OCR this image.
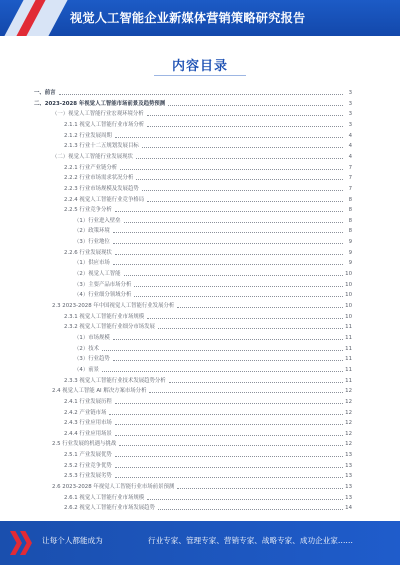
视觉人工智能企业新媒体营销策略研究报告
内容目录
一、前言	3
二、2023-2028 年视觉人工智能市场前景及趋势预测	3
（一）视觉人工智能行业宏观环境分析	3
2.1.1 视觉人工智能行业市场分析	3
2.1.2 行业发展周期	4
2.1.3 行业十二五规划发展目标	4
（二）视觉人工智能行业发展现状	4
2.2.1 行业产业链分析	7
2.2.2 行业市场需求状况分析	7
2.2.3 行业市场规模及发展趋势	7
2.2.4 视觉人工智能行业竞争格局	8
2.2.5 行业竞争分析	8
（1）行业进入壁垒	8
（2）政策环境	8
（3）行业地位	9
2.2.6 行业发展现状	9
（1）供应市场	9
（2）视觉人工智能	10
（3）主要产品市场分析	10
（4）行业细分领域分析	10
2.3 2023-2028 年中国视觉人工智能行业发展分析	10
2.3.1 视觉人工智能行业市场规模	10
2.3.2 视觉人工智能行业细分市场发展	11
（1）市场规模	11
（2）技术	11
（3）行业趋势	11
（4）前景	11
2.3.3 视觉人工智能行业技术发展趋势分析	11
2.4 视觉人工智能 AI 解决方案市场分析	12
2.4.1 行业发展历程	12
2.4.2 产业链市场	12
2.4.3 行业应用市场	12
2.4.4 行业应用场景	12
2.5 行业发展的机遇与挑战	12
2.5.1 产业发展优势	13
2.5.2 行业竞争优势	13
2.5.3 行业发展劣势	13
2.6 2023-2028 年视觉人工智能行业市场前景预测	13
2.6.1 视觉人工智能行业市场规模	13
2.6.2 视觉人工智能行业市场发展趋势	14
让每个人都能成为	行业专家、管理专家、营销专家、战略专家、成功企业家……
